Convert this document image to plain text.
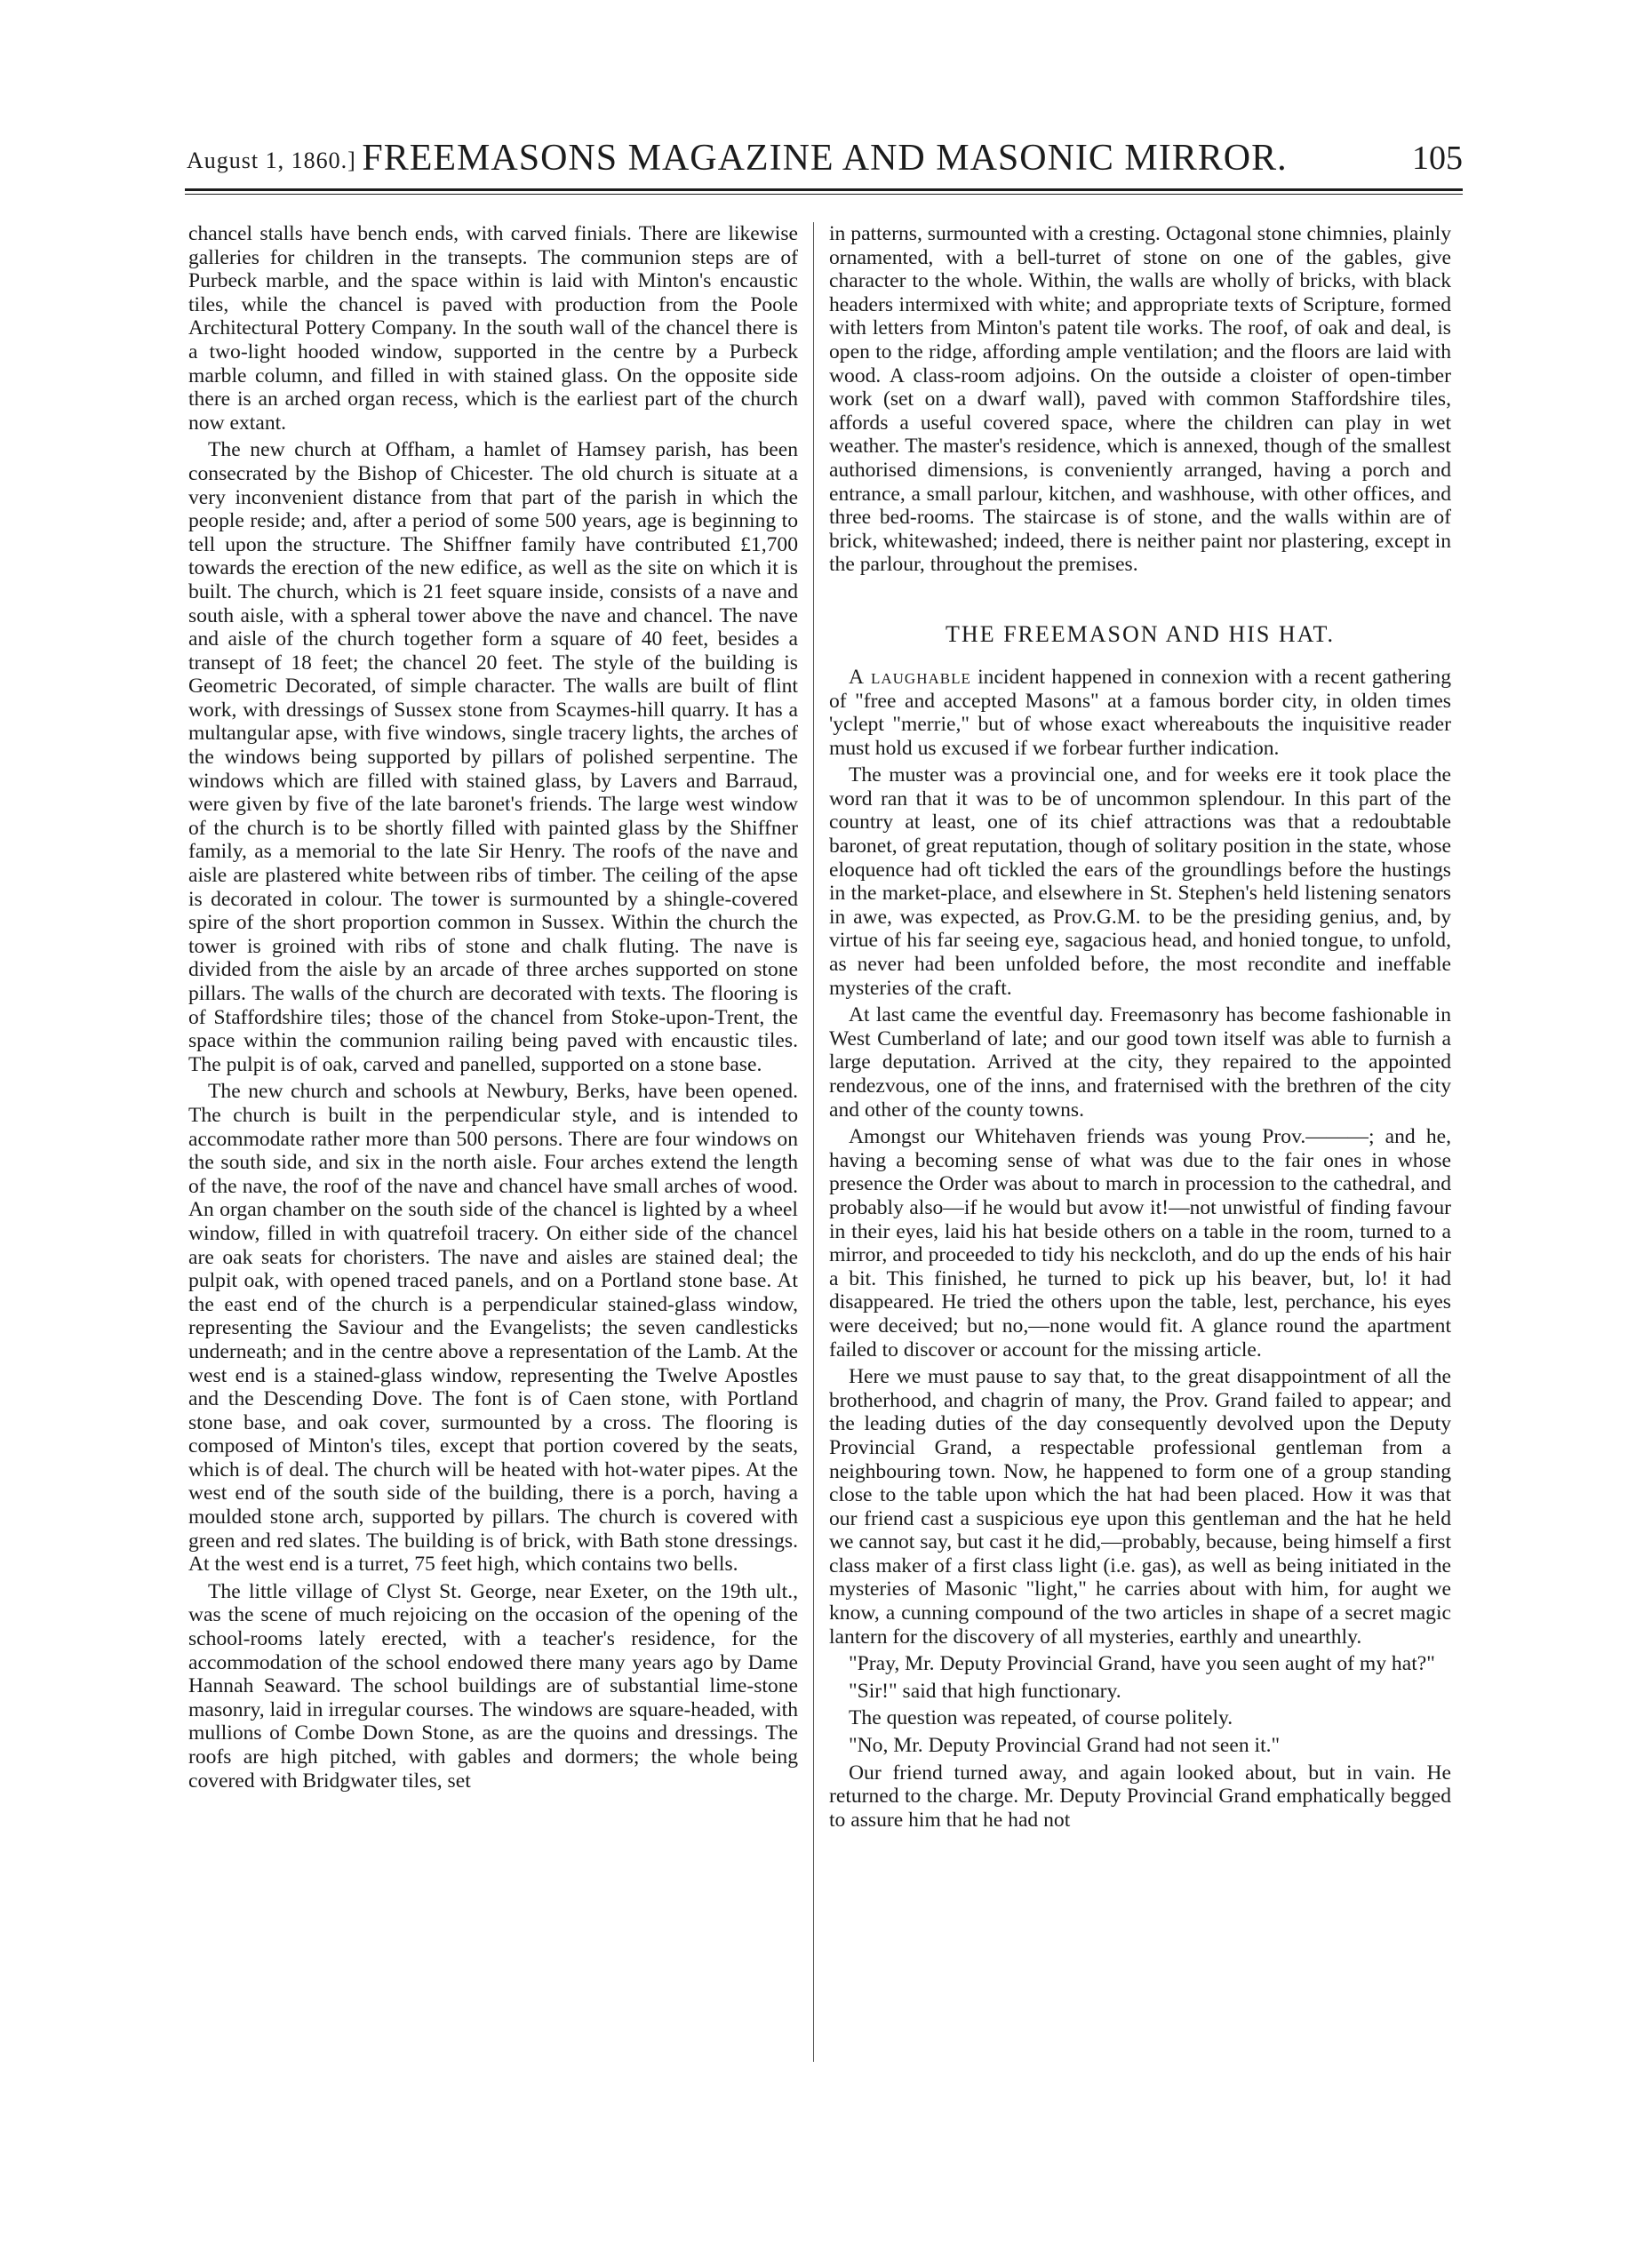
August 1, 1860.] FREEMASONS MAGAZINE AND MASONIC MIRROR.	105

chancel stalls have bench ends, with carved finials. There are likewise galleries for children in the transepts. The communion steps are of Purbeck marble, and the space within is laid with Minton's encaustic tiles, while the chancel is paved with production from the Poole Architectural Pottery Company. In the south wall of the chancel there is a two-light hooded window, supported in the centre by a Purbeck marble column, and filled in with stained glass. On the opposite side there is an arched organ recess, which is the earliest part of the church now extant.

The new church at Offham, a hamlet of Hamsey parish, has been consecrated by the Bishop of Chicester. The old church is situate at a very inconvenient distance from that part of the parish in which the people reside; and, after a period of some 500 years, age is beginning to tell upon the structure. The Shiffner family have contributed £1,700 towards the erection of the new edifice, as well as the site on which it is built. The church, which is 21 feet square inside, consists of a nave and south aisle, with a spheral tower above the nave and chancel. The nave and aisle of the church together form a square of 40 feet, besides a transept of 18 feet; the chancel 20 feet. The style of the building is Geometric Decorated, of simple character. The walls are built of flint work, with dressings of Sussex stone from Scaymes-hill quarry. It has a multangular apse, with five windows, single tracery lights, the arches of the windows being supported by pillars of polished serpentine. The windows which are filled with stained glass, by Lavers and Barraud, were given by five of the late baronet's friends. The large west window of the church is to be shortly filled with painted glass by the Shiffner family, as a memorial to the late Sir Henry. The roofs of the nave and aisle are plastered white between ribs of timber. The ceiling of the apse is decorated in colour. The tower is surmounted by a shingle-covered spire of the short proportion common in Sussex. Within the church the tower is groined with ribs of stone and chalk fluting. The nave is divided from the aisle by an arcade of three arches supported on stone pillars. The walls of the church are decorated with texts. The flooring is of Staffordshire tiles; those of the chancel from Stoke-upon-Trent, the space within the communion railing being paved with encaustic tiles. The pulpit is of oak, carved and panelled, supported on a stone base.

The new church and schools at Newbury, Berks, have been opened. The church is built in the perpendicular style, and is intended to accommodate rather more than 500 persons. There are four windows on the south side, and six in the north aisle. Four arches extend the length of the nave, the roof of the nave and chancel have small arches of wood. An organ chamber on the south side of the chancel is lighted by a wheel window, filled in with quatrefoil tracery. On either side of the chancel are oak seats for choristers. The nave and aisles are stained deal; the pulpit oak, with opened traced panels, and on a Portland stone base. At the east end of the church is a perpendicular stained-glass window, representing the Saviour and the Evangelists; the seven candlesticks underneath; and in the centre above a representation of the Lamb. At the west end is a stained-glass window, representing the Twelve Apostles and the Descending Dove. The font is of Caen stone, with Portland stone base, and oak cover, surmounted by a cross. The flooring is composed of Minton's tiles, except that portion covered by the seats, which is of deal. The church will be heated with hot-water pipes. At the west end of the south side of the building, there is a porch, having a moulded stone arch, supported by pillars. The church is covered with green and red slates. The building is of brick, with Bath stone dressings. At the west end is a turret, 75 feet high, which contains two bells.

The little village of Clyst St. George, near Exeter, on the 19th ult., was the scene of much rejoicing on the occasion of the opening of the school-rooms lately erected, with a teacher's residence, for the accommodation of the school endowed there many years ago by Dame Hannah Seaward. The school buildings are of substantial lime-stone masonry, laid in irregular courses. The windows are square-headed, with mullions of Combe Down Stone, as are the quoins and dressings. The roofs are high pitched, with gables and dormers; the whole being covered with Bridgwater tiles, set

in patterns, surmounted with a cresting. Octagonal stone chimnies, plainly ornamented, with a bell-turret of stone on one of the gables, give character to the whole. Within, the walls are wholly of bricks, with black headers intermixed with white; and appropriate texts of Scripture, formed with letters from Minton's patent tile works. The roof, of oak and deal, is open to the ridge, affording ample ventilation; and the floors are laid with wood. A class-room adjoins. On the outside a cloister of open-timber work (set on a dwarf wall), paved with common Staffordshire tiles, affords a useful covered space, where the children can play in wet weather. The master's residence, which is annexed, though of the smallest authorised dimensions, is conveniently arranged, having a porch and entrance, a small parlour, kitchen, and washhouse, with other offices, and three bed-rooms. The staircase is of stone, and the walls within are of brick, whitewashed; indeed, there is neither paint nor plastering, except in the parlour, throughout the premises.

THE FREEMASON AND HIS HAT.

A laughable incident happened in connexion with a recent gathering of "free and accepted Masons" at a famous border city, in olden times 'yclept "merrie," but of whose exact whereabouts the inquisitive reader must hold us excused if we forbear further indication.

The muster was a provincial one, and for weeks ere it took place the word ran that it was to be of uncommon splendour. In this part of the country at least, one of its chief attractions was that a redoubtable baronet, of great reputation, though of solitary position in the state, whose eloquence had oft tickled the ears of the groundlings before the hustings in the market-place, and elsewhere in St. Stephen's held listening senators in awe, was expected, as Prov.G.M. to be the presiding genius, and, by virtue of his far seeing eye, sagacious head, and honied tongue, to unfold, as never had been unfolded before, the most recondite and ineffable mysteries of the craft.

At last came the eventful day. Freemasonry has become fashionable in West Cumberland of late; and our good town itself was able to furnish a large deputation. Arrived at the city, they repaired to the appointed rendezvous, one of the inns, and fraternised with the brethren of the city and other of the county towns.

Amongst our Whitehaven friends was young Prov.———; and he, having a becoming sense of what was due to the fair ones in whose presence the Order was about to march in procession to the cathedral, and probably also—if he would but avow it!—not unwistful of finding favour in their eyes, laid his hat beside others on a table in the room, turned to a mirror, and proceeded to tidy his neckcloth, and do up the ends of his hair a bit. This finished, he turned to pick up his beaver, but, lo! it had disappeared. He tried the others upon the table, lest, perchance, his eyes were deceived; but no,—none would fit. A glance round the apartment failed to discover or account for the missing article.

Here we must pause to say that, to the great disappointment of all the brotherhood, and chagrin of many, the Prov. Grand failed to appear; and the leading duties of the day consequently devolved upon the Deputy Provincial Grand, a respectable professional gentleman from a neighbouring town. Now, he happened to form one of a group standing close to the table upon which the hat had been placed. How it was that our friend cast a suspicious eye upon this gentleman and the hat he held we cannot say, but cast it he did,—probably, because, being himself a first class maker of a first class light (i.e. gas), as well as being initiated in the mysteries of Masonic "light," he carries about with him, for aught we know, a cunning compound of the two articles in shape of a secret magic lantern for the discovery of all mysteries, earthly and unearthly.

"Pray, Mr. Deputy Provincial Grand, have you seen aught of my hat?"

"Sir!" said that high functionary.

The question was repeated, of course politely.

"No, Mr. Deputy Provincial Grand had not seen it."

Our friend turned away, and again looked about, but in vain. He returned to the charge. Mr. Deputy Provincial Grand emphatically begged to assure him that he had not
